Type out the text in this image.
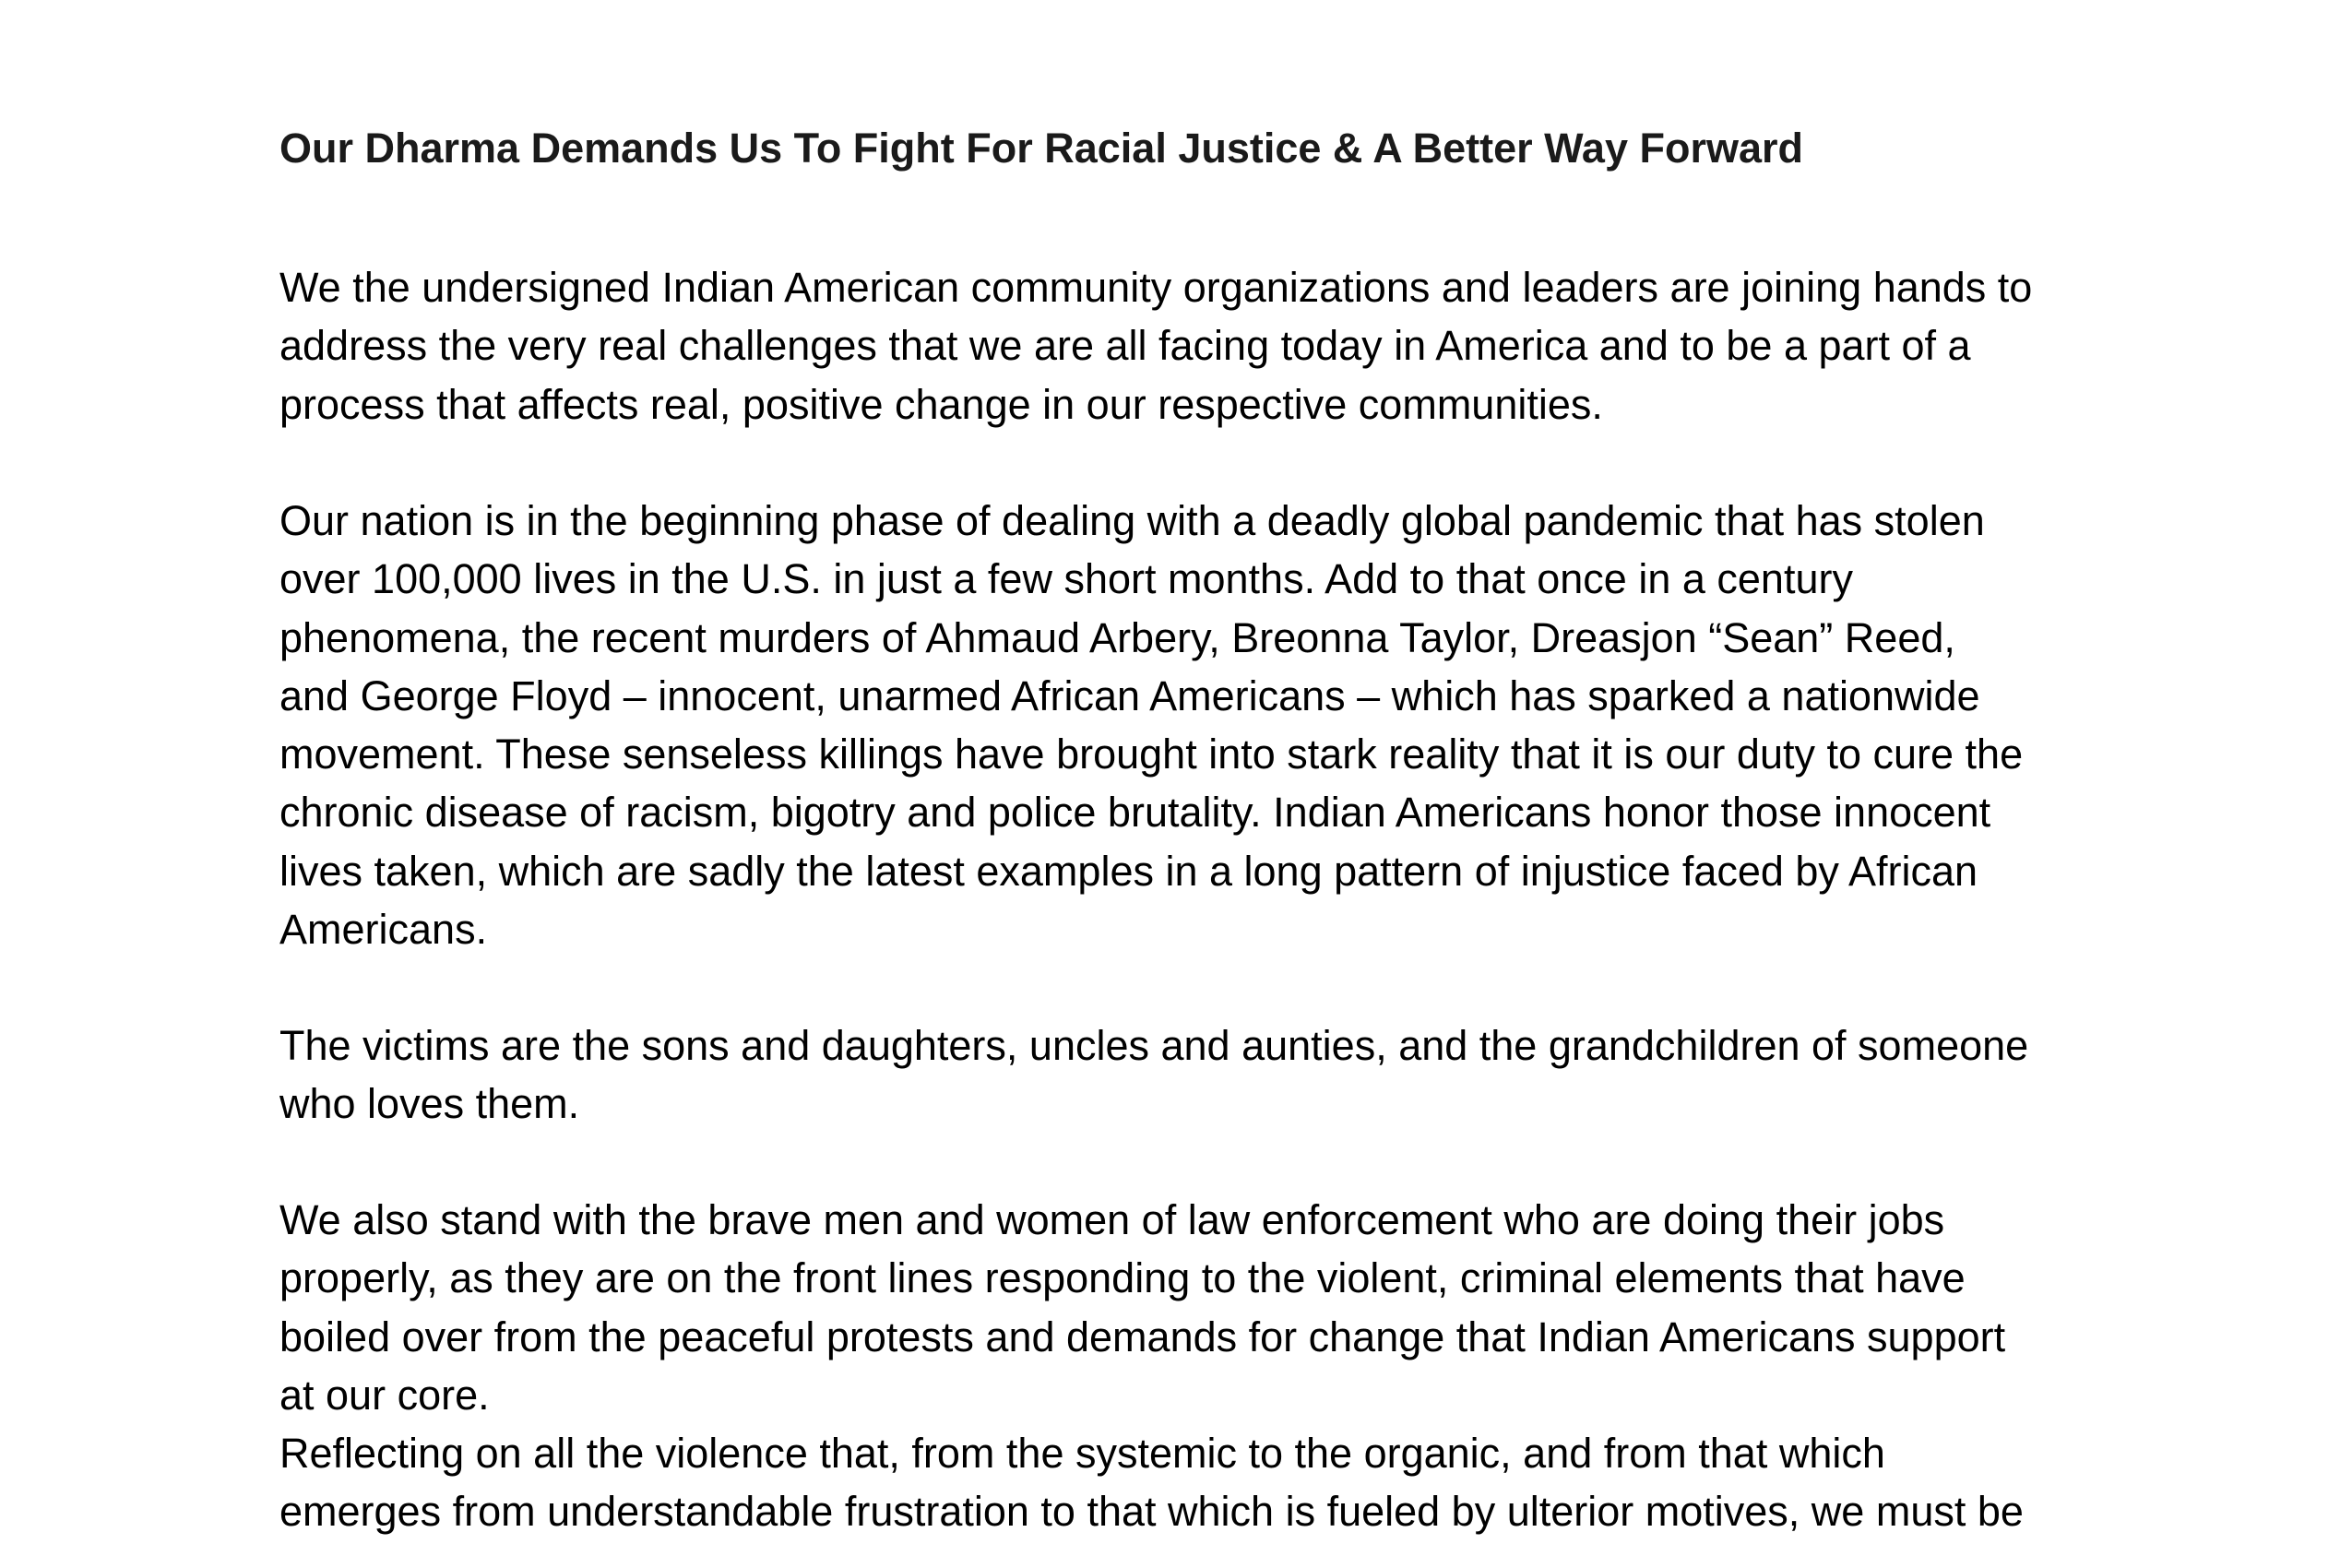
Our Dharma Demands Us To Fight For Racial Justice & A Better Way Forward

We the undersigned Indian American community organizations and leaders are joining hands to
address the very real challenges that we are all facing today in America and to be a part of a
process that affects real, positive change in our respective communities.

Our nation is in the beginning phase of dealing with a deadly global pandemic that has stolen
over 100,000 lives in the U.S. in just a few short months. Add to that once in a century
phenomena, the recent murders of Ahmaud Arbery, Breonna Taylor, Dreasjon “Sean” Reed,
and George Floyd – innocent, unarmed African Americans – which has sparked a nationwide
movement. These senseless killings have brought into stark reality that it is our duty to cure the
chronic disease of racism, bigotry and police brutality. Indian Americans honor those innocent
lives taken, which are sadly the latest examples in a long pattern of injustice faced by African
Americans.

The victims are the sons and daughters, uncles and aunties, and the grandchildren of someone
who loves them.

We also stand with the brave men and women of law enforcement who are doing their jobs
properly, as they are on the front lines responding to the violent, criminal elements that have
boiled over from the peaceful protests and demands for change that Indian Americans support
at our core.

Reflecting on all the violence that, from the systemic to the organic, and from that which
emerges from understandable frustration to that which is fueled by ulterior motives, we must be
